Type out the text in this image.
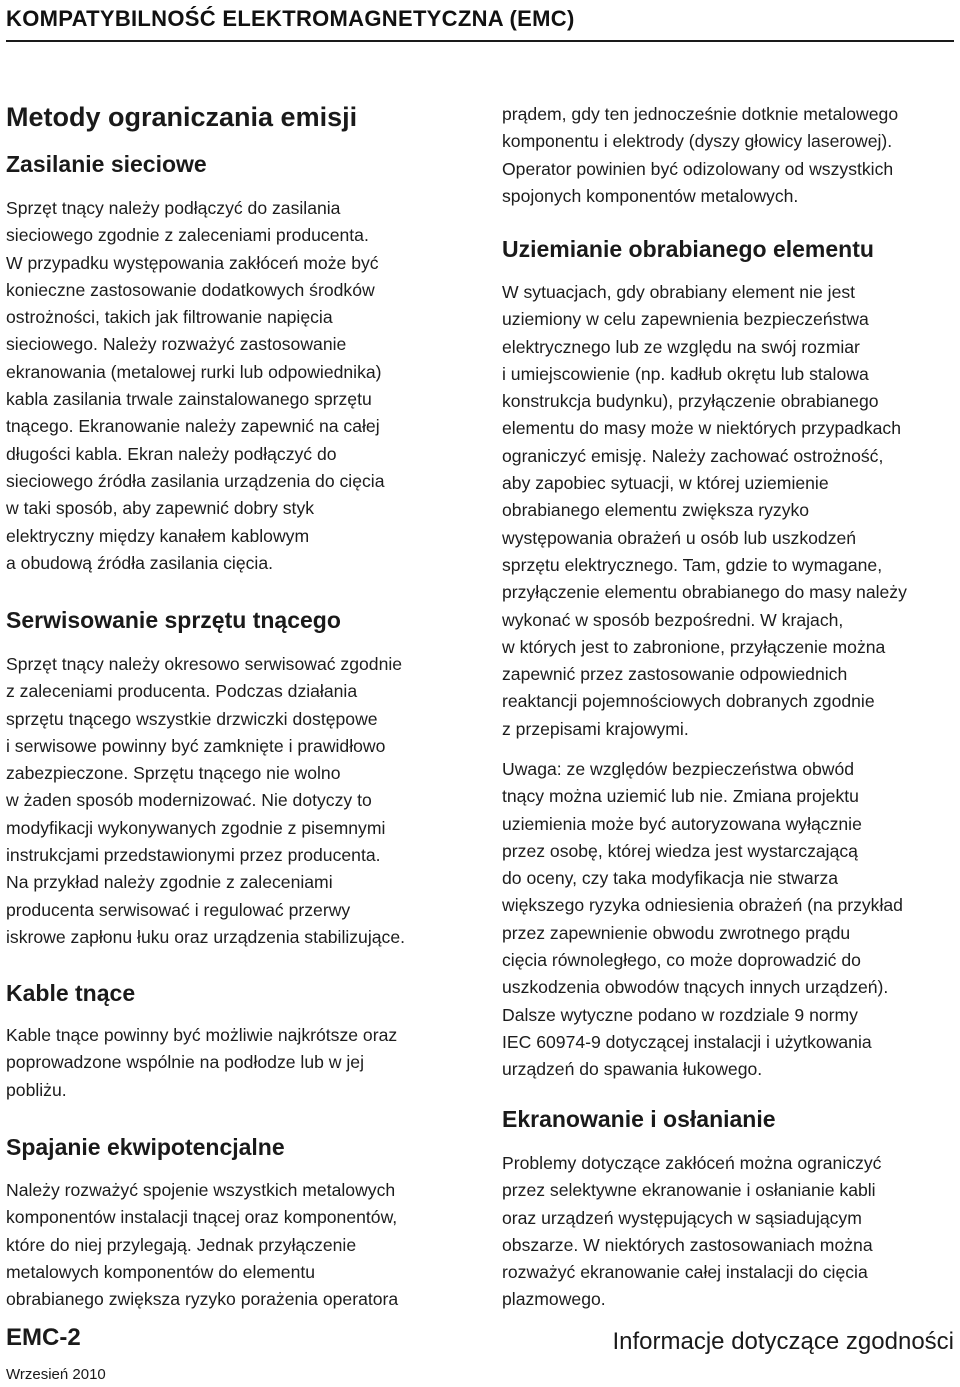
KOMPATYBILNOŚĆ ELEKTROMAGNETYCZNA (EMC)
Metody ograniczania emisji
Zasilanie sieciowe
Sprzęt tnący należy podłączyć do zasilania
sieciowego zgodnie z zaleceniami producenta.
W przypadku występowania zakłóceń może być
konieczne zastosowanie dodatkowych środków
ostrożności, takich jak filtrowanie napięcia
sieciowego. Należy rozważyć zastosowanie
ekranowania (metalowej rurki lub odpowiednika)
kabla zasilania trwale zainstalowanego sprzętu
tnącego. Ekranowanie należy zapewnić na całej
długości kabla. Ekran należy podłączyć do
sieciowego źródła zasilania urządzenia do cięcia
w taki sposób, aby zapewnić dobry styk
elektryczny między kanałem kablowym
a obudową źródła zasilania cięcia.
Serwisowanie sprzętu tnącego
Sprzęt tnący należy okresowo serwisować zgodnie
z zaleceniami producenta. Podczas działania
sprzętu tnącego wszystkie drzwiczki dostępowe
i serwisowe powinny być zamknięte i prawidłowo
zabezpieczone. Sprzętu tnącego nie wolno
w żaden sposób modernizować. Nie dotyczy to
modyfikacji wykonywanych zgodnie z pisemnymi
instrukcjami przedstawionymi przez producenta.
Na przykład należy zgodnie z zaleceniami
producenta serwisować i regulować przerwy
iskrowe zapłonu łuku oraz urządzenia stabilizujące.
Kable tnące
Kable tnące powinny być możliwie najkrótsze oraz
poprowadzone wspólnie na podłodze lub w jej
pobliżu.
Spajanie ekwipotencjalne
Należy rozważyć spojenie wszystkich metalowych
komponentów instalacji tnącej oraz komponentów,
które do niej przylegają. Jednak przyłączenie
metalowych komponentów do elementu
obrabianego zwiększa ryzyko porażenia operatora
prądem, gdy ten jednocześnie dotknie metalowego
komponentu i elektrody (dyszy głowicy laserowej).
Operator powinien być odizolowany od wszystkich
spojonych komponentów metalowych.
Uziemianie obrabianego elementu
W sytuacjach, gdy obrabiany element nie jest
uziemiony w celu zapewnienia bezpieczeństwa
elektrycznego lub ze względu na swój rozmiar
i umiejscowienie (np. kadłub okrętu lub stalowa
konstrukcja budynku), przyłączenie obrabianego
elementu do masy może w niektórych przypadkach
ograniczyć emisję. Należy zachować ostrożność,
aby zapobiec sytuacji, w której uziemienie
obrabianego elementu zwiększa ryzyko
występowania obrażeń u osób lub uszkodzeń
sprzętu elektrycznego. Tam, gdzie to wymagane,
przyłączenie elementu obrabianego do masy należy
wykonać w sposób bezpośredni. W krajach,
w których jest to zabronione, przyłączenie można
zapewnić przez zastosowanie odpowiednich
reaktancji pojemnościowych dobranych zgodnie
z przepisami krajowymi.
Uwaga: ze względów bezpieczeństwa obwód
tnący można uziemić lub nie. Zmiana projektu
uziemienia może być autoryzowana wyłącznie
przez osobę, której wiedza jest wystarczającą
do oceny, czy taka modyfikacja nie stwarza
większego ryzyka odniesienia obrażeń (na przykład
przez zapewnienie obwodu zwrotnego prądu
cięcia równoległego, co może doprowadzić do
uszkodzenia obwodów tnących innych urządzeń).
Dalsze wytyczne podano w rozdziale 9 normy
IEC 60974-9 dotyczącej instalacji i użytkowania
urządzeń do spawania łukowego.
Ekranowanie i osłanianie
Problemy dotyczące zakłóceń można ograniczyć
przez selektywne ekranowanie i osłanianie kabli
oraz urządzeń występujących w sąsiadującym
obszarze. W niektórych zastosowaniach można
rozważyć ekranowanie całej instalacji do cięcia
plazmowego.
EMC-2
Wrzesień 2010
Informacje dotyczące zgodności
